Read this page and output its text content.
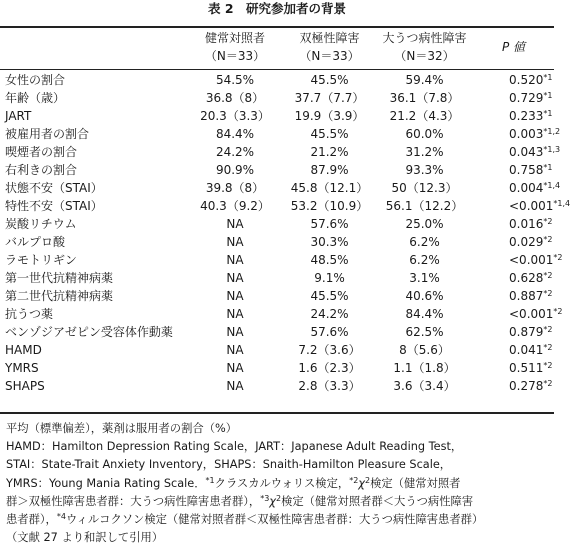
表 2　研究参加者の背景
	健常対照者	双極性障害	大うつ病性障害	P 値
	（N＝33）	（N＝33）	（N＝32）	

女性の割合	54.5%	45.5%	59.4%	0.520$^{*1}$
年齢（歳）	36.8（8）	37.7（7.7）	36.1（7.8）	0.729$^{*1}$
JART	20.3（3.3）	19.9（3.9）	21.2（4.3）	0.233$^{*1}$
被雇用者の割合	84.4%	45.5%	60.0%	0.003$^{*1,2}$
喫煙者の割合	24.2%	21.2%	31.2%	0.043$^{*1,3}$
右利きの割合	90.9%	87.9%	93.3%	0.758$^{*1}$
状態不安（STAI）	39.8（8）	45.8（12.1）	50（12.3）	0.004$^{*1,4}$
特性不安（STAI）	40.3（9.2）	53.2（10.9）	56.1（12.2）	$<0.001^{*1,4}$
炭酸リチウム	NA	57.6%	25.0%	0.016$^{*2}$
バルプロ酸	NA	30.3%	6.2%	0.029$^{*2}$
ラモトリギン	NA	48.5%	6.2%	$<0.001^{*2}$
第一世代抗精神病薬	NA	9.1%	3.1%	0.628$^{*2}$
第二世代抗精神病薬	NA	45.5%	40.6%	0.887$^{*2}$
抗うつ薬	NA	24.2%	84.4%	$<0.001^{*2}$
ベンゾジアゼピン受容体作動薬	NA	57.6%	62.5%	0.879$^{*2}$
HAMD	NA	7.2（3.6）	8（5.6）	0.041$^{*2}$
YMRS	NA	1.6（2.3）	1.1（1.8）	0.511$^{*2}$
SHAPS	NA	2.8（3.3）	3.6（3.4）	0.278$^{*2}$
平均（標準偏差），薬剤は服用者の割合（%）
HAMD：Hamilton Depression Rating Scale，JART：Japanese Adult Reading Test，
STAI：State-Trait Anxiety Inventory，SHAPS：Snaith-Hamilton Pleasure Scale，
YMRS：Young Mania Rating Scale．$^{*1}$クラスカルウォリス検定，$^{*2}\chi^2$検定（健常対照者
群＞双極性障害患者群：大うつ病性障害患者群），$^{*3}\chi^2$検定（健常対照者群＜大うつ病性障害
患者群），$^{*4}$ウィルコクソン検定（健常対照者群＜双極性障害患者群：大うつ病性障害患者群）
（文献 27 より和訳して引用）
